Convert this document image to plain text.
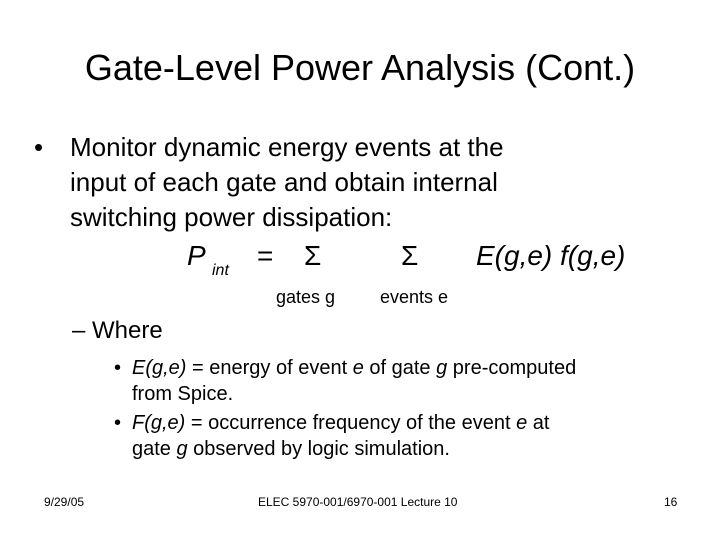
Gate-Level Power Analysis (Cont.)
• Monitor dynamic energy events at the
input of each gate and obtain internal
switching power dissipation:
P int = Σ	Σ E(g,e) f(g,e)
gates g events e
– Where
• E(g,e) = energy of event e of gate g pre-computed
from Spice.
• F(g,e) = occurrence frequency of the event e at
gate g observed by logic simulation.
9/29/05	ELEC 5970-001/6970-001 Lecture 10	16
